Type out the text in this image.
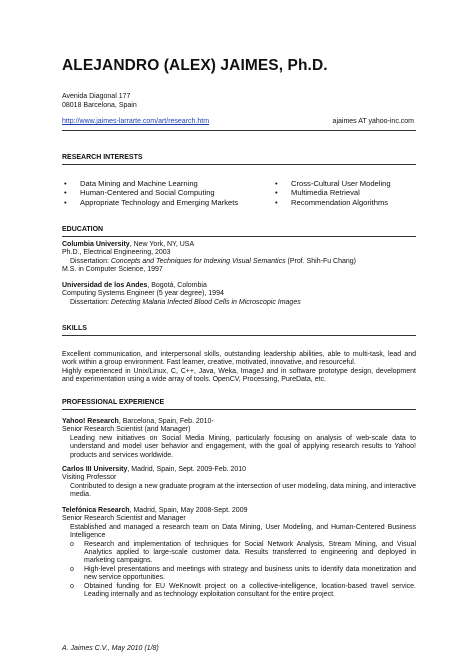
ALEJANDRO (ALEX) JAIMES, Ph.D.
Avenida Diagonal 177
08018 Barcelona, Spain
http://www.jaimes-larrarte.com/art/research.htm	ajaimes AT yahoo-inc.com
RESEARCH INTERESTS
•	Data Mining and Machine Learning
•	Human-Centered and Social Computing
•	Appropriate Technology and Emerging Markets
•	Cross-Cultural User Modeling
•	Multimedia Retrieval
•	Recommendation Algorithms
EDUCATION
Columbia University, New York, NY, USA
Ph.D., Electrical Engineering, 2003
Dissertation: Concepts and Techniques for Indexing Visual Semantics (Prof. Shih-Fu Chang)
M.S. in Computer Science, 1997
Universidad de los Andes, Bogotá, Colombia
Computing Systems Engineer (5 year degree), 1994
Dissertation: Detecting Malaria Infected Blood Cells in Microscopic Images
SKILLS
Excellent communication, and interpersonal skills, outstanding leadership abilities, able to multi-task, lead and work within a group environment. Fast learner, creative, motivated, innovative, and resourceful.
Highly experienced in Unix/Linux, C, C++, Java, Weka, ImageJ and in software prototype design, development and experimentation using a wide array of tools. OpenCV, Processing, PureData, etc.
PROFESSIONAL EXPERIENCE
Yahoo! Research, Barcelona, Spain, Feb. 2010-
Senior Research Scientist (and Manager)
Leading new initiatives on Social Media Mining, particularly focusing on analysis of web-scale data to understand and model user behavior and engagement, with the goal of applying research results to Yahoo! products and services worldwide.
Carlos III University, Madrid, Spain, Sept. 2009-Feb. 2010
Visiting Professor
Contributed to design a new graduate program at the intersection of user modeling, data mining, and interactive media.
Telefónica Research, Madrid, Spain, May 2008-Sept. 2009
Senior Research Scientist and Manager
Established and managed a research team on Data Mining, User Modeling, and Human-Centered Business Intelligence
o	Research and implementation of techniques for Social Network Analysis, Stream Mining, and Visual Analytics applied to large-scale customer data. Results transferred to engineering and deployed in marketing campaigns.
o	High-level presentations and meetings with strategy and business units to identify data monetization and new service opportunities.
o	Obtained funding for EU WeKnowIt project on a collective-intelligence, location-based travel service. Leading internally and as technology exploitation consultant for the entire project.
A. Jaimes C.V., May 2010 (1/8)
